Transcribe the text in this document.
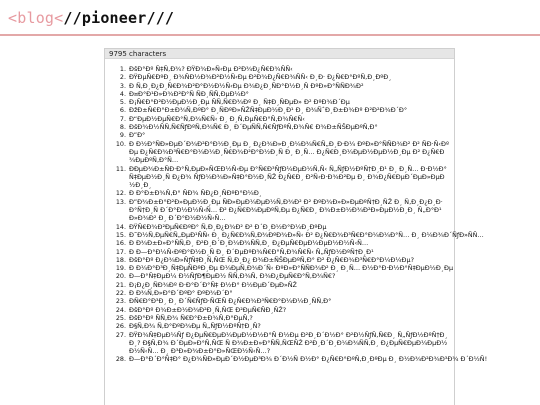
<blog<//pioneer///
9795 characters
1. ÐšÐ°Ðº Ñ‡Ñ‚Ð¾? ÐŸÐ¾Ð»Ñ‹Ðµ Ð²Ð¾Ð¿Ñ€Ð¾ÑÑ‹
2. ÐŸÐµÑ€ÐºÐ¸ Ð¾ÑÐ½Ð¾Ð²Ð½Ñ‹Ðµ Ð²Ð¾Ð¿Ñ€Ð¾ÑÑ‹ Ð¸Ð· Ð¿Ñ€Ð°ÐºÑ‚Ð¸ÐºÐ¸
3. Ð Ñ‚Ð¸Ð¿Ð¸Ñ€Ð¾Ð²Ð°Ð½Ð½Ñ‹Ðµ Ð¾Ð¿Ð¸ÑÐ°Ð½Ð¸Ñ ÐºÐ»Ð°ÑÑÐ¾Ð²
4. Ð¤Ð°Ð¹Ð»Ð¾Ð²Ð°Ñ ÑÐ¸ÑÑ‚ÐµÐ¼Ð°
5. Ð¡Ñ€Ð°Ð²Ð½ÐµÐ½Ð¸Ðµ ÑÑ‚Ñ€Ð¾Ðº Ð¸ Ñ‡Ð¸ÑÐµÐ» Ð² ÐºÐ¾Ð´Ðµ
6. ÐžÐ±Ñ€Ð°Ð±Ð¾Ñ‚ÐºÐ° Ð¸ÑÐºÐ»ÑŽÑ‡ÐµÐ½Ð¸Ð¹ Ð¸ Ð¾ÑˆÐ¸Ð±Ð¾Ðº Ð²Ð²Ð¾Ð´Ð°
7. Ð“ÐµÐ½ÐµÑ€Ð°Ñ‚Ð¾Ñ€Ñ‹ Ð¸ Ð¸Ñ‚ÐµÑ€Ð°Ñ‚Ð¾Ñ€Ñ‹
8. ÐšÐ¾Ð½ÑÑ‚Ñ€ÑƒÐºÑ‚Ð¾Ñ€ Ð¸ Ð´ÐµÑÑ‚Ñ€ÑƒÐºÑ‚Ð¾Ñ€ Ð¾Ð±ÑŠÐµÐºÑ‚Ð°
9. Ð”Ð°
10. Ð Ð½Ð°ÑÐ»ÐµÐ´Ð¾Ð²Ð°Ð½Ð¸Ðµ Ð¸ Ð¿Ð¾Ð»Ð¸Ð¼Ð¾Ñ€Ñ„Ð¸Ð·Ð¼ ÐºÐ»Ð°ÑÑÐ¾Ð² Ð² ÑÐ·Ñ‹ÐºÐµ Ð¿Ñ€Ð¾Ð³Ñ€Ð°Ð¼Ð¼Ð¸Ñ€Ð¾Ð²Ð°Ð½Ð¸Ñ Ð¸ Ð¸Ñ… Ð¿Ñ€Ð¸Ð¼ÐµÐ½ÐµÐ½Ð¸Ðµ Ð² Ð¿Ñ€Ð¾ÐµÐºÑ‚Ð°Ñ…
11. ÐÐµÐ¾Ð±ÑÐ·Ð°Ñ‚ÐµÐ»ÑŒÐ½Ñ‹Ðµ Ð°Ñ€Ð³ÑƒÐ¼ÐµÐ½Ñ‚Ñ‹ Ñ„ÑƒÐ½ÐºÑ†Ð¸Ð¹ Ð¸ Ð¸Ñ… Ð·Ð½Ð°Ñ‡ÐµÐ½Ð¸Ñ Ð¿Ð¾ ÑƒÐ¼Ð¾Ð»Ñ‡Ð°Ð½Ð¸ÑŽ Ð¿Ñ€Ð¸ Ð²Ñ‹Ð·Ð¾Ð²Ðµ Ð¸ Ð¾Ð¿Ñ€ÐµÐ´ÐµÐ»ÐµÐ½Ð¸Ð¸
12. Ð Ð°Ð±Ð¾Ñ‚Ð° ÑÐ¾ ÑÐ¿Ð¸ÑÐºÐ°Ð¼Ð¸
13. Ð”Ð¾Ð±Ð°Ð²Ð»ÐµÐ½Ð¸Ðµ ÑÐ»ÐµÐ¼ÐµÐ½Ñ‚Ð¾Ð² Ð² ÐºÐ¾Ð»Ð»ÐµÐºÑ†Ð¸ÑŽ Ð¸ Ñ‚Ð¸Ð¿Ð¸Ð·Ð°Ñ†Ð¸Ñ Ð´Ð°Ð½Ð½Ñ‹Ñ… Ð² Ð¿Ñ€Ð¾ÐµÐºÑ‚Ðµ Ð¿Ñ€Ð¸ Ð¾Ð±Ð½Ð¾Ð²Ð»ÐµÐ½Ð¸Ð¸ Ñ„Ð°Ð¹Ð»Ð¾Ð² Ð¸ Ð´Ð°Ð½Ð½Ñ‹Ñ…
14. ÐŸÑ€Ð¾Ð²ÐµÑ€ÐºÐ° Ñ‚Ð¸Ð¿Ð¾Ð² Ð² Ð´Ð¸Ð½Ð°Ð¼Ð¸ÐºÐµ
15. Ð˜Ð½Ñ‚ÐµÑ€Ñ„ÐµÐ¹ÑÑ‹ Ð¸ Ð¿Ñ€Ð¾Ñ‚Ð¾ÐºÐ¾Ð»Ñ‹ Ð² Ð¿Ñ€Ð¾Ð³Ñ€Ð°Ð¼Ð¼Ð°Ñ… Ð¸ Ð¼Ð¾Ð´ÑƒÐ»ÑÑ…
16. Ð Ð¾Ð±Ð»Ð°ÑÑ‚Ð¸ Ð²Ð¸Ð´Ð¸Ð¼Ð¾ÑÑ‚Ð¸ Ð¿ÐµÑ€ÐµÐ¼ÐµÐ½Ð½Ñ‹Ñ…
17. Ð Ð—Ð°Ð¼Ñ‹ÐºÐ°Ð½Ð¸Ñ Ð¸ Ð´ÐµÐºÐ¾Ñ€Ð°Ñ‚Ð¾Ñ€Ñ‹ Ñ„ÑƒÐ½ÐºÑ†Ð¸Ð¹
18. ÐšÐ°Ðº Ð¿Ð¾Ð»ÑƒÑ‡Ð¸Ñ‚ÑŒ Ñ‚Ð¸Ð¿ Ð¾Ð±ÑŠÐµÐºÑ‚Ð° Ð² Ð¿Ñ€Ð¾Ð³Ñ€Ð°Ð¼Ð¼Ðµ?
19. Ð Ð¼Ð°Ð³Ð¸Ñ‡ÐµÑÐºÐ¸Ðµ Ð¼ÐµÑ‚Ð¾Ð´Ñ‹ ÐºÐ»Ð°ÑÑÐ¾Ð² Ð¸ Ð¸Ñ… Ð½Ð°Ð·Ð½Ð°Ñ‡ÐµÐ½Ð¸Ðµ
20. Ð—Ð°Ñ‡ÐµÐ¼ Ð½ÑƒÐ¶ÐµÐ½ ÑÑ‚Ð¾Ñ‚ Ð¾Ð¿ÐµÑ€Ð°Ñ‚Ð¾Ñ€?
21. Ð¡Ð¿Ð¸ÑÐ¾Ðº Ð·Ð°Ð´Ð°Ñ‡ Ð½Ð° Ð½ÐµÐ´ÐµÐ»ÑŽ
22. Ð Ð¾Ñ‚Ð»Ð°Ð´ÐºÐ° ÐºÐ¾Ð´Ð°
23. ÐÑ€Ð°Ð³Ð¸ Ð¸ Ð´Ñ€ÑƒÐ·ÑŒÑ Ð¿Ñ€Ð¾Ð³Ñ€Ð°Ð¼Ð¼Ð¸ÑÑ‚Ð°
24. ÐšÐ°Ðº Ð¾Ð±Ð½Ð¾Ð²Ð¸Ñ‚ÑŒ Ð²ÐµÑ€ÑÐ¸ÑŽ?
25. ÐšÐ°Ðº ÑÑ‚Ð¾ Ñ€Ð°Ð±Ð¾Ñ‚Ð°ÐµÑ‚?
26. Ð§Ñ‚Ð¾ Ñ‚Ð°ÐºÐ¾Ðµ Ñ„ÑƒÐ½ÐºÑ†Ð¸Ñ?
27. ÐŸÐ¾Ñ‡ÐµÐ¼Ñƒ Ð¿ÐµÑ€ÐµÐ¼ÐµÐ½Ð½Ð°Ñ Ð½Ðµ Ð²Ð¸Ð´Ð½Ð° Ð²Ð½ÑƒÑ‚Ñ€Ð¸ Ñ„ÑƒÐ½ÐºÑ†Ð¸Ð¸? Ð§Ñ‚Ð¾ Ð´ÐµÐ»Ð°Ñ‚ÑŒ Ñ Ð¾Ð±Ð»Ð°ÑÑ‚ÑŒÑŽ Ð²Ð¸Ð´Ð¸Ð¼Ð¾ÑÑ‚Ð¸ Ð¿ÐµÑ€ÐµÐ¼ÐµÐ½Ð½Ñ‹Ñ… Ð¸ Ð³Ð»Ð¾Ð±Ð°Ð»ÑŒÐ½Ñ‹Ñ…?
28. Ð—Ð°Ð´Ð°Ñ‡Ð° Ð¿Ð¾ÑÐ»ÐµÐ´Ð½ÐµÐ³Ð¾ Ð´Ð½Ñ Ð½Ð° Ð¿Ñ€Ð°ÐºÑ‚Ð¸ÐºÐµ Ð¸ Ð½Ð¾Ð²Ð¾Ð³Ð¾ Ð´Ð½Ñ!
